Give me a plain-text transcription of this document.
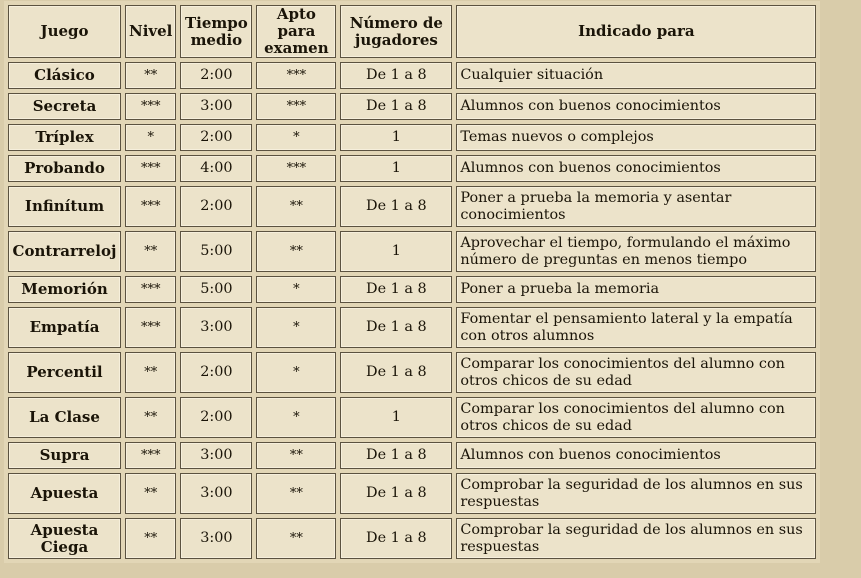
Juego	Nivel	Tiempo medio	Apto para examen	Número de jugadores	Indicado para
Clásico	**	2:00	***	De 1 a 8	Cualquier situación
Secreta	***	3:00	***	De 1 a 8	Alumnos con buenos conocimientos
Tríplex	*	2:00	*	1	Temas nuevos o complejos
Probando	***	4:00	***	1	Alumnos con buenos conocimientos
Infinítum	***	2:00	**	De 1 a 8	Poner a prueba la memoria y asentar conocimientos
Contrarreloj	**	5:00	**	1	Aprovechar el tiempo, formulando el máximo número de preguntas en menos tiempo
Memorión	***	5:00	*	De 1 a 8	Poner a prueba la memoria
Empatía	***	3:00	*	De 1 a 8	Fomentar el pensamiento lateral y la empatía con otros alumnos
Percentil	**	2:00	*	De 1 a 8	Comparar los conocimientos del alumno con otros chicos de su edad
La Clase	**	2:00	*	1	Comparar los conocimientos del alumno con otros chicos de su edad
Supra	***	3:00	**	De 1 a 8	Alumnos con buenos conocimientos
Apuesta	**	3:00	**	De 1 a 8	Comprobar la seguridad de los alumnos en sus respuestas
Apuesta Ciega	**	3:00	**	De 1 a 8	Comprobar la seguridad de los alumnos en sus respuestas
